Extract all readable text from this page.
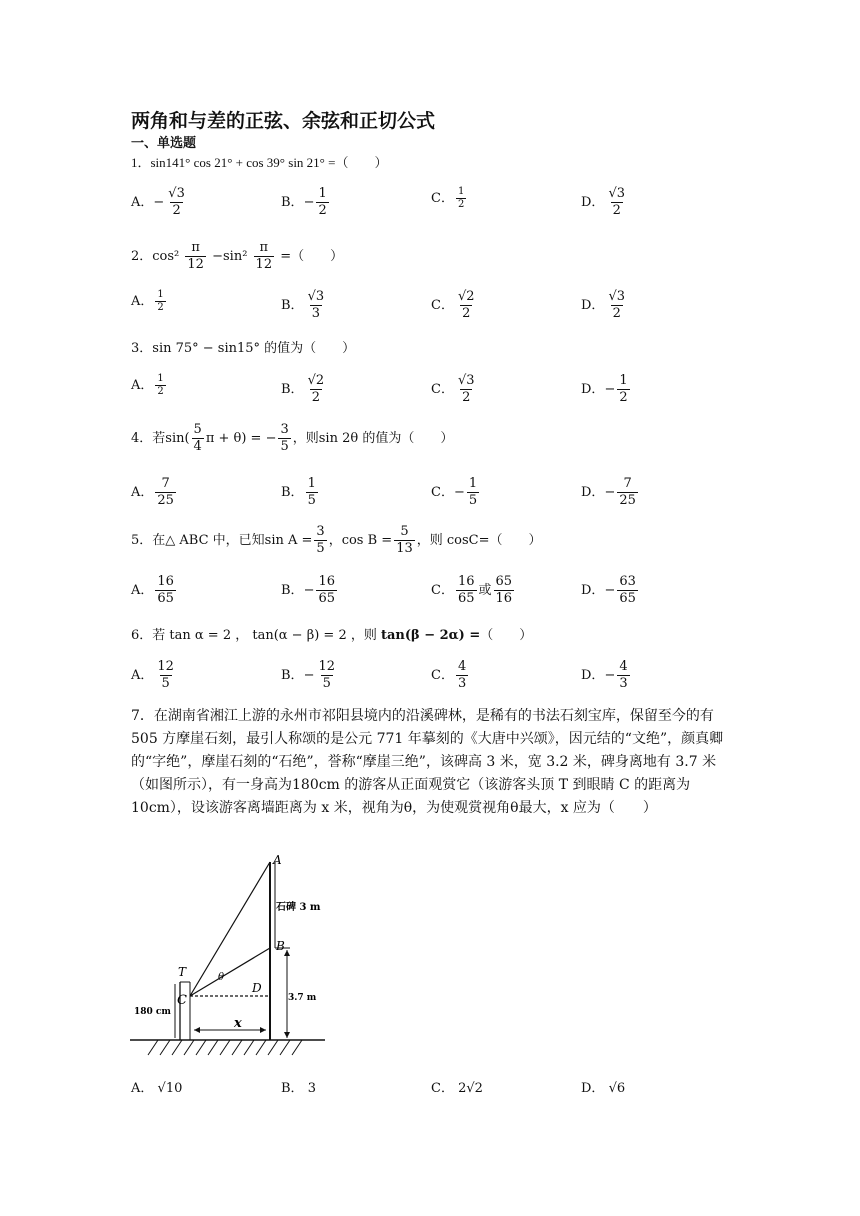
两角和与差的正弦、余弦和正切公式
一、单选题
1．sin141° cos 21° + cos 39° sin 21° =（　　）
2．$\cos^2 \frac{\pi}{12} -\sin^2 \frac{\pi}{12}$ =（　　）
3．sin 75° − sin15° 的值为（　　）
4．若$\sin( \frac{5}{4}$ π + θ) = − $\frac{3}{5}$ ，则sin 2θ 的值为（　　）
5．在△ ABC 中，已知$\sin A = \frac{3}{5}$ ，$\cos B = \frac{5}{13}$ ，则 cosC=（　　）
6．若 tan α = 2 ， tan(α − β) = 2 ，则 tan(β − 2α) =（　　）
7．在湖南省湘江上游的永州市祁阳县境内的沿溪碑林，是稀有的书法石刻宝库，保留至今的有 505 方摩崖石刻，最引人称颂的是公元 771 年摹刻的《大唐中兴颂》，因元结的“文绝”，颜真卿的“字绝”，摩崖石刻的“石绝”，誉称“摩崖三绝”，该碑高 3 米，宽 3.2 米，碑身离地有 3.7 米（如图所示），有一身高为180cm 的游客从正面观赏它（该游客头顶 T 到眼睛 C 的距离为10cm），设该游客离墙距离为 x 米，视角为θ，为使观赏视角θ最大，x 应为（　　）
A
B
C
D
T	θ
x
石碑 3 m
180 cm
3.7 m
A． √10	B． 3	C． 2√2	D． √6
A．− $\frac{√3}{2}$	B．− $\frac{1}{2}$	C． $\frac{1}{2}$	D． $\frac{√3}{2}$
A． $\frac{1}{2}$	B． $\frac{√3}{3}$	C． $\frac{√2}{2}$	D． $\frac{√3}{2}$
A． $\frac{1}{2}$	B． $\frac{√2}{2}$	C． $\frac{√3}{2}$	D．− $\frac{1}{2}$
A． $\frac{7}{25}$	B． $\frac{1}{5}$	C．− $\frac{1}{5}$	D．− $\frac{7}{25}$
A． $\frac{16}{65}$	B．− $\frac{16}{65}$	C． $\frac{16}{65}$ 或 $\frac{65}{16}$	D．− $\frac{63}{65}$
A． $\frac{12}{5}$	B．− $\frac{12}{5}$	C． $\frac{4}{3}$	D．− $\frac{4}{3}$
